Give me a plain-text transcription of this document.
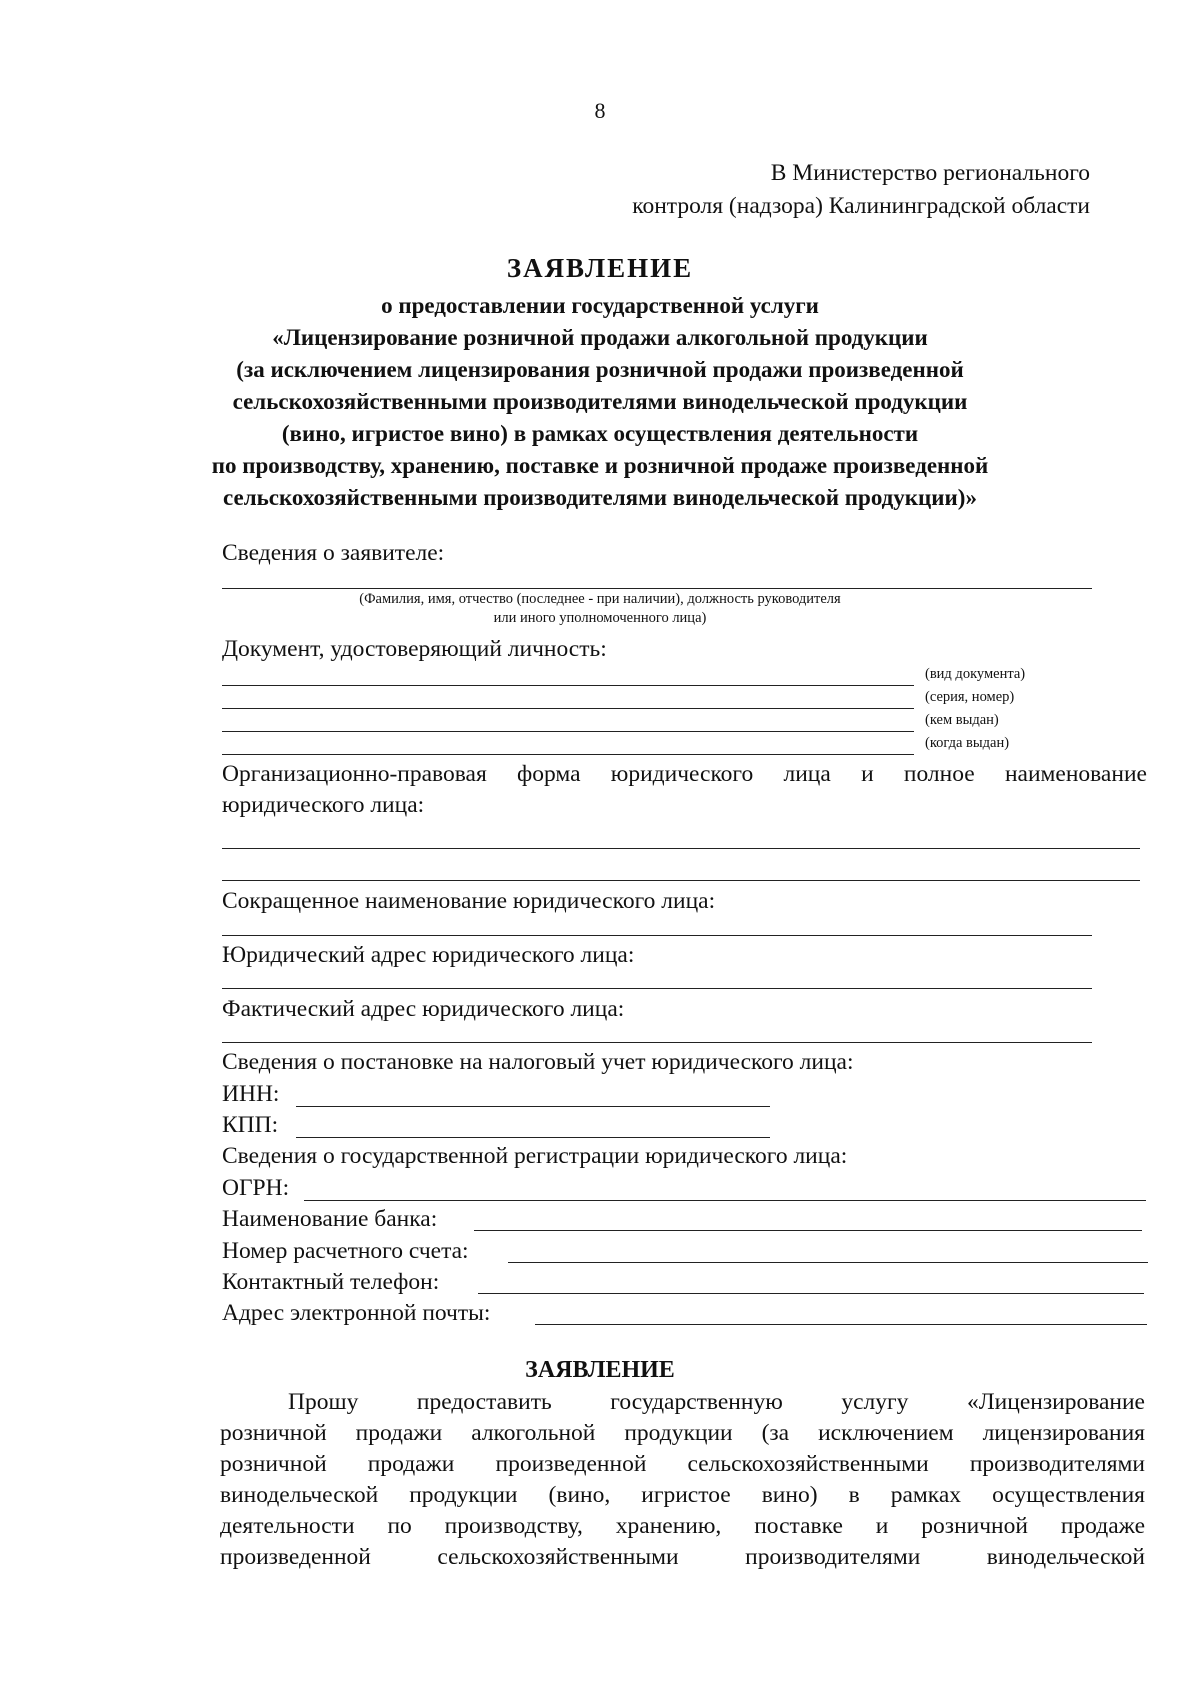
8
В Министерство регионального
контроля (надзора) Калининградской области
ЗАЯВЛЕНИЕ
о предоставлении государственной услуги
«Лицензирование розничной продажи алкогольной продукции
(за исключением лицензирования розничной продажи произведенной
сельскохозяйственными производителями винодельческой продукции
(вино, игристое вино) в рамках осуществления деятельности
по производству, хранению, поставке и розничной продаже произведенной
сельскохозяйственными производителями винодельческой продукции)»
Сведения о заявителе:
(Фамилия, имя, отчество (последнее - при наличии), должность руководителя
или иного уполномоченного лица)
Документ, удостоверяющий личность:
(вид документа)
(серия, номер)
(кем выдан)
(когда выдан)
Организационно-правовая форма юридического лица и полное наименование
юридического лица:
Сокращенное наименование юридического лица:
Юридический адрес юридического лица:
Фактический адрес юридического лица:
Сведения о постановке на налоговый учет юридического лица:
ИНН:
КПП:
Сведения о государственной регистрации юридического лица:
ОГРН:
Наименование банка:
Номер расчетного счета:
Контактный телефон:
Адрес электронной почты:
ЗАЯВЛЕНИЕ
Прошу предоставить государственную услугу «Лицензирование
розничной продажи алкогольной продукции (за исключением лицензирования
розничной продажи произведенной сельскохозяйственными производителями
винодельческой продукции (вино, игристое вино) в рамках осуществления
деятельности по производству, хранению, поставке и розничной продаже
произведенной сельскохозяйственными производителями винодельческой
